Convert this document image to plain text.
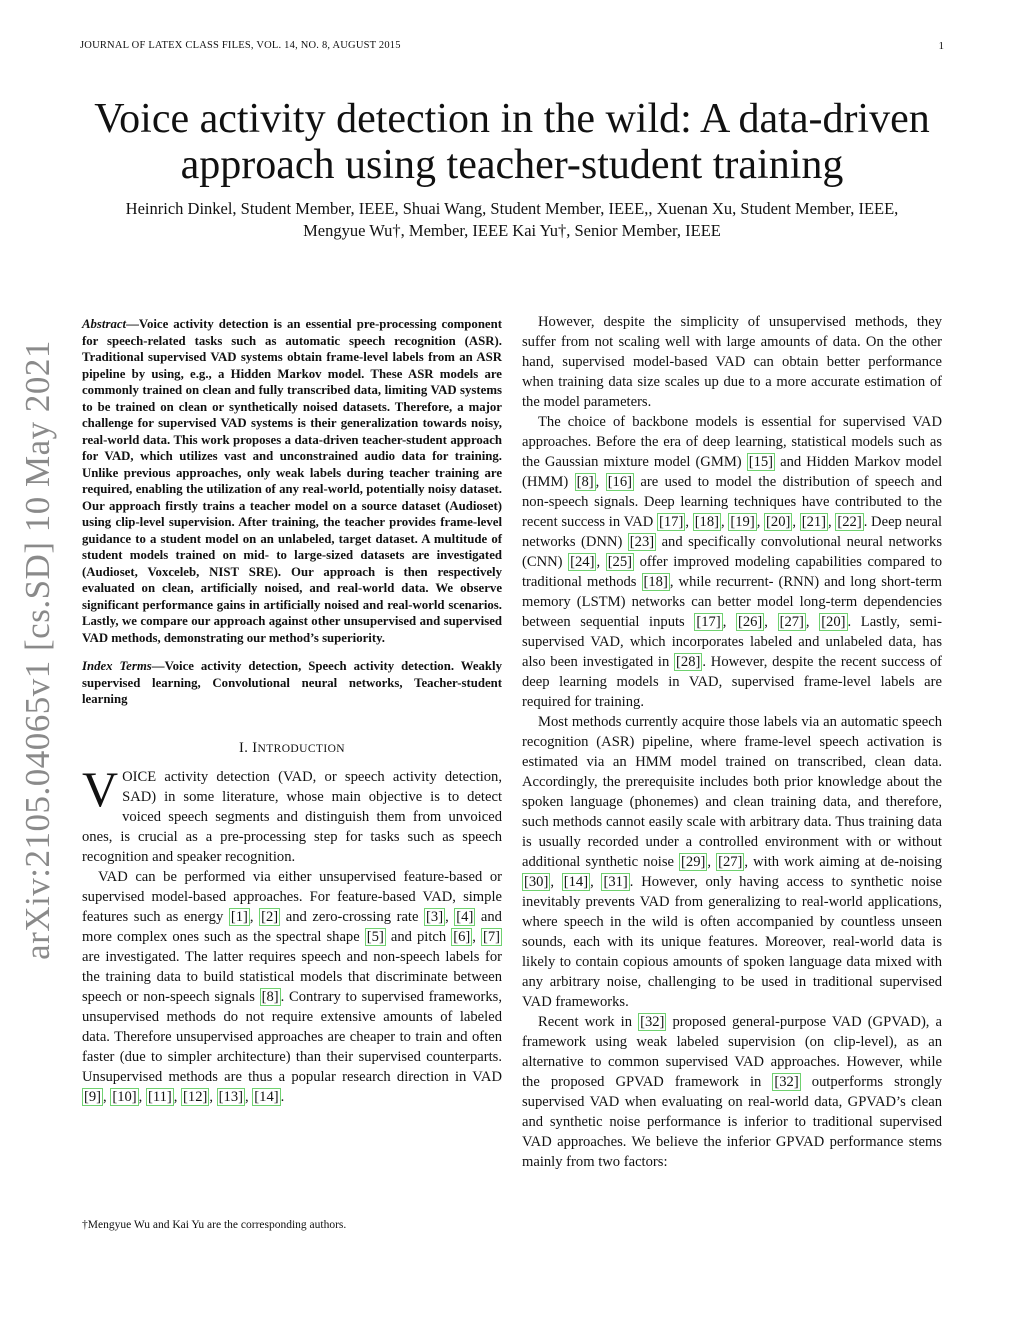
JOURNAL OF LATEX CLASS FILES, VOL. 14, NO. 8, AUGUST 2015	1
arXiv:2105.04065v1 [cs.SD] 10 May 2021
Voice activity detection in the wild: A data-driven approach using teacher-student training
Heinrich Dinkel, Student Member, IEEE, Shuai Wang, Student Member, IEEE,, Xuenan Xu, Student Member, IEEE, Mengyue Wu†, Member, IEEE Kai Yu†, Senior Member, IEEE

Abstract—Voice activity detection is an essential pre-processing component for speech-related tasks such as automatic speech recognition (ASR). Traditional supervised VAD systems obtain frame-level labels from an ASR pipeline by using, e.g., a Hidden Markov model. These ASR models are commonly trained on clean and fully transcribed data, limiting VAD systems to be trained on clean or synthetically noised datasets. Therefore, a major challenge for supervised VAD systems is their generalization towards noisy, real-world data. This work proposes a data-driven teacher-student approach for VAD, which utilizes vast and unconstrained audio data for training. Unlike previous approaches, only weak labels during teacher training are required, enabling the utilization of any real-world, potentially noisy dataset. Our approach firstly trains a teacher model on a source dataset (Audioset) using clip-level supervision. After training, the teacher provides frame-level guidance to a student model on an unlabeled, target dataset. A multitude of student models trained on mid- to large-sized datasets are investigated (Audioset, Voxceleb, NIST SRE). Our approach is then respectively evaluated on clean, artificially noised, and real-world data. We observe significant performance gains in artificially noised and real-world scenarios. Lastly, we compare our approach against other unsupervised and supervised VAD methods, demonstrating our method’s superiority.

Index Terms—Voice activity detection, Speech activity detection. Weakly supervised learning, Convolutional neural networks, Teacher-student learning

I. INTRODUCTION

VOICE activity detection (VAD, or speech activity detection, SAD) in some literature, whose main objective is to detect voiced speech segments and distinguish them from unvoiced ones, is crucial as a pre-processing step for tasks such as speech recognition and speaker recognition.

VAD can be performed via either unsupervised feature-based or supervised model-based approaches. For feature-based VAD, simple features such as energy [1] , [2] and zero-crossing rate [3] , [4] and more complex ones such as the spectral shape [5] and pitch [6] , [7] are investigated. The latter requires speech and non-speech labels for the training data to build statistical models that discriminate between speech or non-speech signals [8] . Contrary to supervised frameworks, unsupervised methods do not require extensive amounts of labeled data. Therefore unsupervised approaches are cheaper to train and often faster (due to simpler architecture) than their supervised counterparts. Unsupervised methods are thus a popular research direction in VAD [9] , [10] , [11] , [12] , [13] , [14] .

However, despite the simplicity of unsupervised methods, they suffer from not scaling well with large amounts of data. On the other hand, supervised model-based VAD can obtain better performance when training data size scales up due to a more accurate estimation of the model parameters.

The choice of backbone models is essential for supervised VAD approaches. Before the era of deep learning, statistical models such as the Gaussian mixture model (GMM) [15] and Hidden Markov model (HMM) [8] , [16] are used to model the distribution of speech and non-speech signals. Deep learning techniques have contributed to the recent success in VAD [17] , [18] , [19] , [20] , [21] , [22] . Deep neural networks (DNN) [23] and specifically convolutional neural networks (CNN) [24] , [25] offer improved modeling capabilities compared to traditional methods [18] , while recurrent- (RNN) and long short-term memory (LSTM) networks can better model long-term dependencies between sequential inputs [17] , [26] , [27] , [20] . Lastly, semi-supervised VAD, which incorporates labeled and unlabeled data, has also been investigated in [28] . However, despite the recent success of deep learning models in VAD, supervised frame-level labels are required for training.

Most methods currently acquire those labels via an automatic speech recognition (ASR) pipeline, where frame-level speech activation is estimated via an HMM model trained on transcribed, clean data. Accordingly, the prerequisite includes both prior knowledge about the spoken language (phonemes) and clean training data, and therefore, such methods cannot easily scale with arbitrary data. Thus training data is usually recorded under a controlled environment with or without additional synthetic noise [29] , [27] , with work aiming at de-noising [30] , [14] , [31] . However, only having access to synthetic noise inevitably prevents VAD from generalizing to real-world applications, where speech in the wild is often accompanied by countless unseen sounds, each with its unique features. Moreover, real-world data is likely to contain copious amounts of spoken language data mixed with any arbitrary noise, challenging to be used in traditional supervised VAD frameworks.

Recent work in [32] proposed general-purpose VAD (GPVAD), a framework using weak labeled supervision (on clip-level), as an alternative to common supervised VAD approaches. However, while the proposed GPVAD framework in [32] outperforms strongly supervised VAD when evaluating on real-world data, GPVAD’s clean and synthetic noise performance is inferior to traditional supervised VAD approaches. We believe the inferior GPVAD performance stems mainly from two factors:

†Mengyue Wu and Kai Yu are the corresponding authors.
